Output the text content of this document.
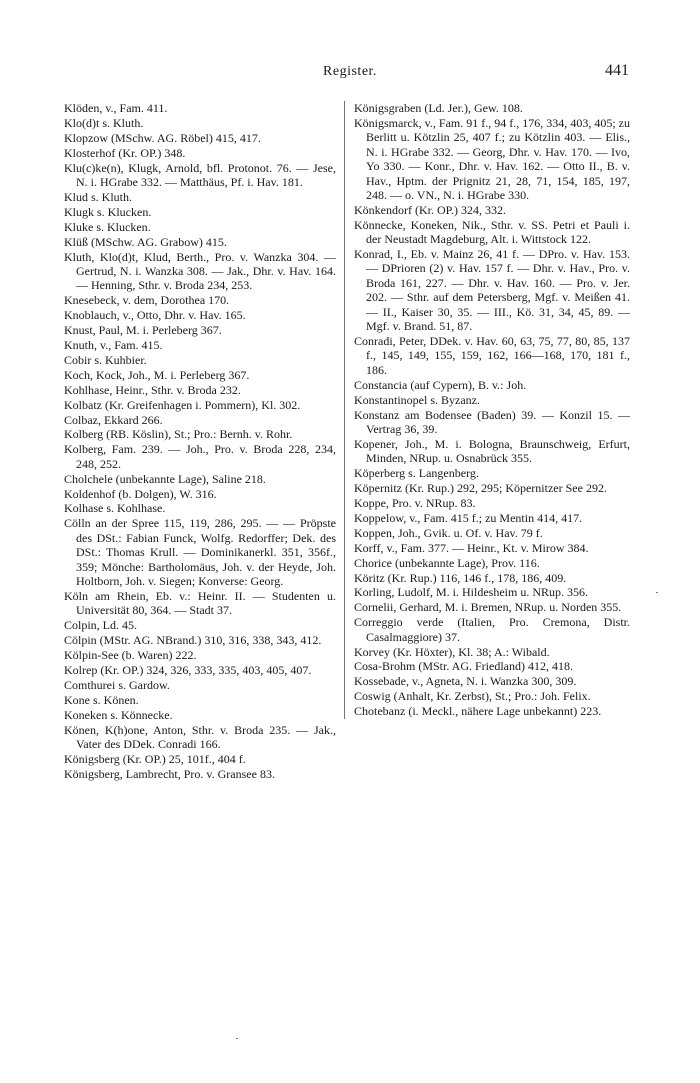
Register.	441

Klöden, v., Fam. 411.

Klo(d)t s. Kluth.

Klopzow (MSchw. AG. Röbel) 415, 417.

Klosterhof (Kr. OP.) 348.

Klu(c)ke(n), Klugk, Arnold, bfl. Protonot. 76. — Jese, N. i. HGrabe 332. — Matthäus, Pf. i. Hav. 181.

Klud s. Kluth.

Klugk s. Klucken.

Kluke s. Klucken.

Klüß (MSchw. AG. Grabow) 415.

Kluth, Klo(d)t, Klud, Berth., Pro. v. Wanzka 304. — Gertrud, N. i. Wanzka 308. — Jak., Dhr. v. Hav. 164. — Henning, Sthr. v. Broda 234, 253.

Knesebeck, v. dem, Dorothea 170.

Knoblauch, v., Otto, Dhr. v. Hav. 165.

Knust, Paul, M. i. Perleberg 367.

Knuth, v., Fam. 415.

Cobir s. Kuhbier.

Koch, Kock, Joh., M. i. Perleberg 367.

Kohlhase, Heinr., Sthr. v. Broda 232.

Kolbatz (Kr. Greifenhagen i. Pommern), Kl. 302.

Colbaz, Ekkard 266.

Kolberg (RB. Köslin), St.; Pro.: Bernh. v. Rohr.

Kolberg, Fam. 239. — Joh., Pro. v. Broda 228, 234, 248, 252.

Cholchele (unbekannte Lage), Saline 218.

Koldenhof (b. Dolgen), W. 316.

Kolhase s. Kohlhase.

Cölln an der Spree 115, 119, 286, 295. — — Pröpste des DSt.: Fabian Funck, Wolfg. Redorffer; Dek. des DSt.: Thomas Krull. — Dominikanerkl. 351, 356f., 359; Mönche: Bartholomäus, Joh. v. der Heyde, Joh. Holtborn, Joh. v. Siegen; Konverse: Georg.

Köln am Rhein, Eb. v.: Heinr. II. — Studenten u. Universität 80, 364. — Stadt 37.

Colpin, Ld. 45.

Cölpin (MStr. AG. NBrand.) 310, 316, 338, 343, 412.

Kölpin-See (b. Waren) 222.

Kolrep (Kr. OP.) 324, 326, 333, 335, 403, 405, 407.

Comthurei s. Gardow.

Kone s. Könen.

Koneken s. Könnecke.

Könen, K(h)one, Anton, Sthr. v. Broda 235. — Jak., Vater des DDek. Conradi 166.

Königsberg (Kr. OP.) 25, 101f., 404 f.

Königsberg, Lambrecht, Pro. v. Gransee 83.

Königsgraben (Ld. Jer.), Gew. 108.

Königsmarck, v., Fam. 91 f., 94 f., 176, 334, 403, 405; zu Berlitt u. Kötzlin 25, 407 f.; zu Kötzlin 403. — Elis., N. i. HGrabe 332. — Georg, Dhr. v. Hav. 170. — Ivo, Yo 330. — Konr., Dhr. v. Hav. 162. — Otto II., B. v. Hav., Hptm. der Prignitz 21, 28, 71, 154, 185, 197, 248. — o. VN., N. i. HGrabe 330.

Könkendorf (Kr. OP.) 324, 332.

Könnecke, Koneken, Nik., Sthr. v. SS. Petri et Pauli i. der Neustadt Magdeburg, Alt. i. Wittstock 122.

Konrad, I., Eb. v. Mainz 26, 41 f. — DPro. v. Hav. 153. — DPrioren (2) v. Hav. 157 f. — Dhr. v. Hav., Pro. v. Broda 161, 227. — Dhr. v. Hav. 160. — Pro. v. Jer. 202. — Sthr. auf dem Petersberg, Mgf. v. Meißen 41. — II., Kaiser 30, 35. — III., Kö. 31, 34, 45, 89. — Mgf. v. Brand. 51, 87.

Conradi, Peter, DDek. v. Hav. 60, 63, 75, 77, 80, 85, 137 f., 145, 149, 155, 159, 162, 166—168, 170, 181 f., 186.

Constancia (auf Cypern), B. v.: Joh.

Konstantinopel s. Byzanz.

Konstanz am Bodensee (Baden) 39. — Konzil 15. — Vertrag 36, 39.

Kopener, Joh., M. i. Bologna, Braunschweig, Erfurt, Minden, NRup. u. Osnabrück 355.

Köperberg s. Langenberg.

Köpernitz (Kr. Rup.) 292, 295; Köpernitzer See 292.

Koppe, Pro. v. NRup. 83.

Koppelow, v., Fam. 415 f.; zu Mentin 414, 417.

Koppen, Joh., Gvik. u. Of. v. Hav. 79 f.

Korff, v., Fam. 377. — Heinr., Kt. v. Mirow 384.

Chorice (unbekannte Lage), Prov. 116.

Köritz (Kr. Rup.) 116, 146 f., 178, 186, 409.

Korling, Ludolf, M. i. Hildesheim u. NRup. 356.

Cornelii, Gerhard, M. i. Bremen, NRup. u. Norden 355.

Correggio verde (Italien, Pro. Cremona, Distr. Casalmaggiore) 37.

Korvey (Kr. Höxter), Kl. 38; A.: Wibald.

Cosa-Brohm (MStr. AG. Friedland) 412, 418.

Kossebade, v., Agneta, N. i. Wanzka 300, 309.

Coswig (Anhalt, Kr. Zerbst), St.; Pro.: Joh. Felix.

Chotebanz (i. Meckl., nähere Lage unbekannt) 223.
